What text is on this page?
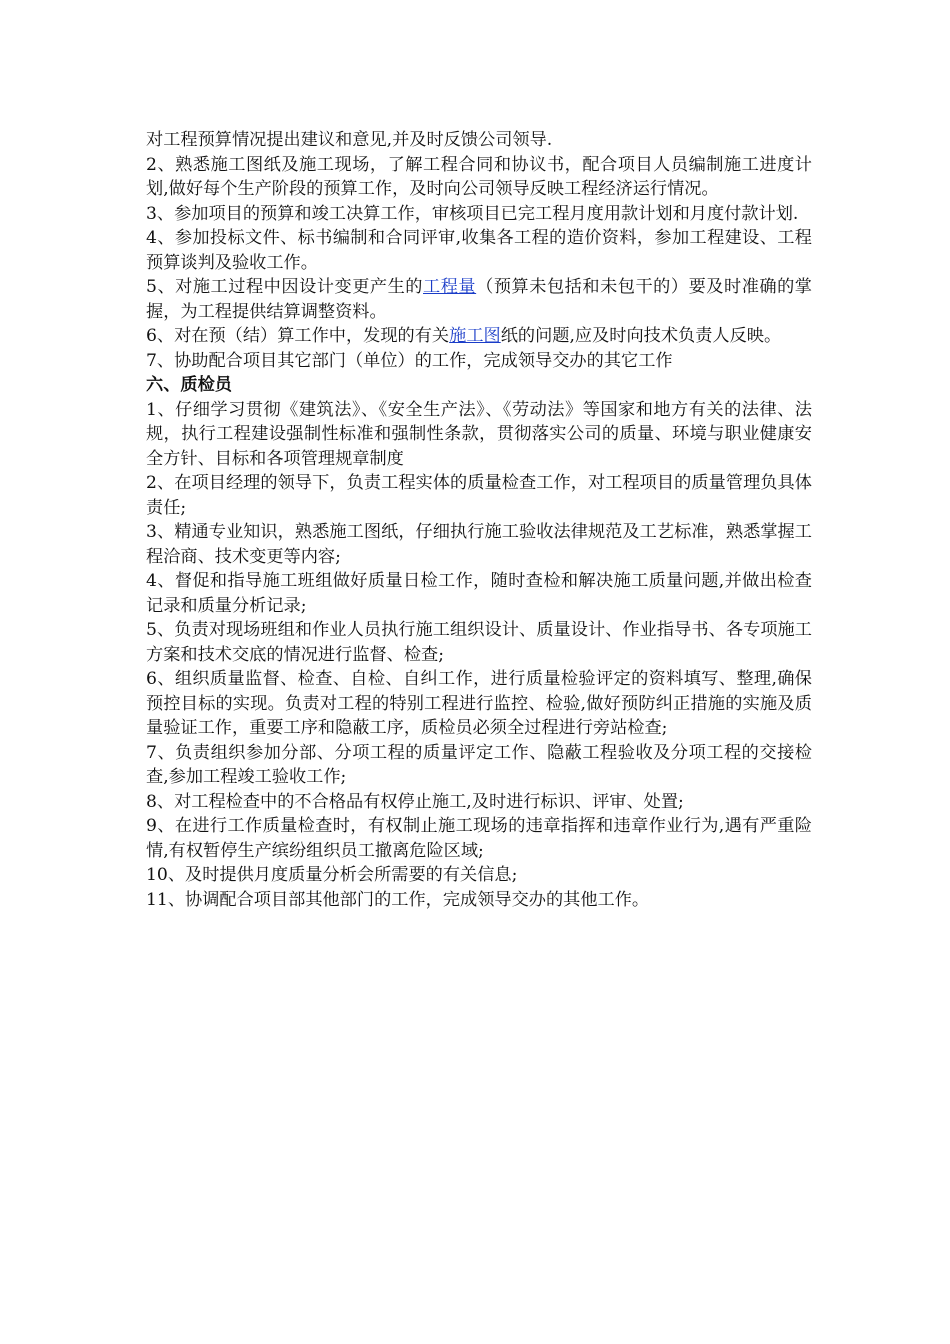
对工程预算情况提出建议和意见,并及时反馈公司领导.

2、熟悉施工图纸及施工现场，了解工程合同和协议书，配合项目人员编制施工进度计划,做好每个生产阶段的预算工作，及时向公司领导反映工程经济运行情况。

3、参加项目的预算和竣工决算工作，审核项目已完工程月度用款计划和月度付款计划.

4、参加投标文件、标书编制和合同评审,收集各工程的造价资料，参加工程建设、工程预算谈判及验收工作。

5、对施工过程中因设计变更产生的工程量（预算未包括和未包干的）要及时准确的掌握，为工程提供结算调整资料。

6、对在预（结）算工作中，发现的有关施工图纸的问题,应及时向技术负责人反映。

7、协助配合项目其它部门（单位）的工作，完成领导交办的其它工作

六、质检员

1、仔细学习贯彻《建筑法》、《安全生产法》、《劳动法》等国家和地方有关的法律、法规，执行工程建设强制性标准和强制性条款，贯彻落实公司的质量、环境与职业健康安全方针、目标和各项管理规章制度

2、在项目经理的领导下，负责工程实体的质量检查工作，对工程项目的质量管理负具体责任;

3、精通专业知识，熟悉施工图纸，仔细执行施工验收法律规范及工艺标准，熟悉掌握工程洽商、技术变更等内容;

4、督促和指导施工班组做好质量日检工作，随时查检和解决施工质量问题,并做出检查记录和质量分析记录;

5、负责对现场班组和作业人员执行施工组织设计、质量设计、作业指导书、各专项施工方案和技术交底的情况进行监督、检查;

6、组织质量监督、检查、自检、自纠工作，进行质量检验评定的资料填写、整理,确保预控目标的实现。负责对工程的特别工程进行监控、检验,做好预防纠正措施的实施及质量验证工作，重要工序和隐蔽工序，质检员必须全过程进行旁站检查;

7、负责组织参加分部、分项工程的质量评定工作、隐蔽工程验收及分项工程的交接检查,参加工程竣工验收工作;

8、对工程检查中的不合格品有权停止施工,及时进行标识、评审、处置;

9、在进行工作质量检查时，有权制止施工现场的违章指挥和违章作业行为,遇有严重险情,有权暂停生产缤纷组织员工撤离危险区域;

10、及时提供月度质量分析会所需要的有关信息;

11、协调配合项目部其他部门的工作，完成领导交办的其他工作。
